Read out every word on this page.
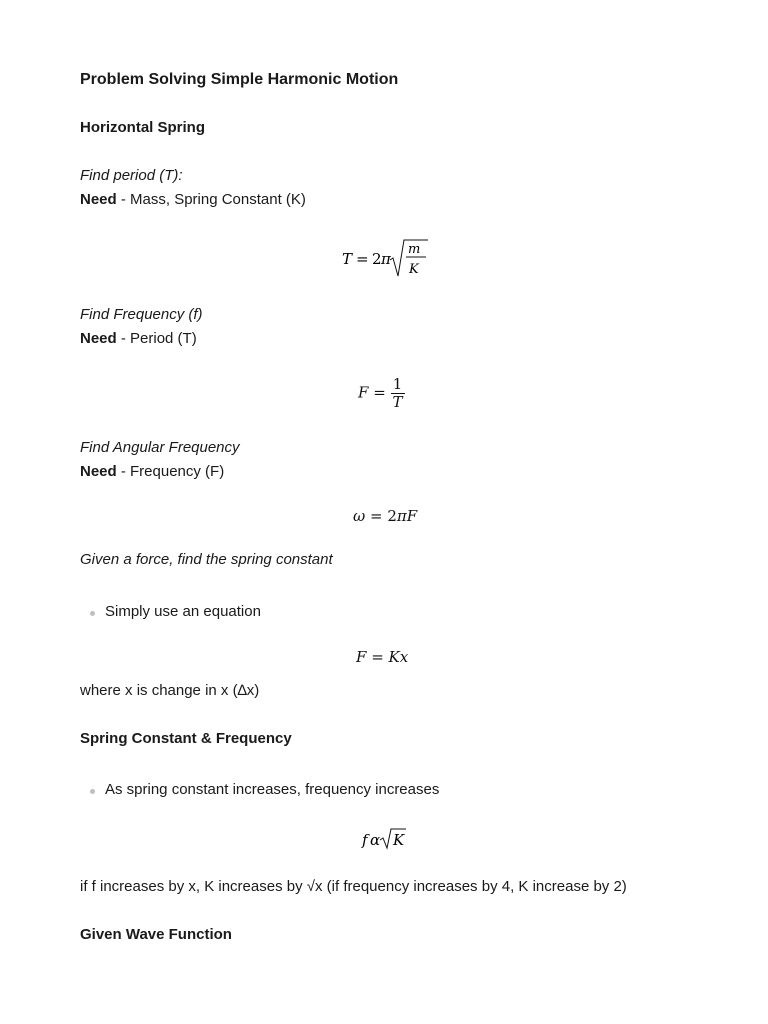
Problem Solving Simple Harmonic Motion
Horizontal Spring
Find period (T):
Need - Mass, Spring Constant (K)
T = 2 π
m
K
Find Frequency (f)
Need - Period (T)
$F = \frac{1}{T}$
Find Angular Frequency
Need - Frequency (F)
ω = 2πF
Given a force, find the spring constant
Simply use an equation
F = Kx
where x is change in x (∆x)
Spring Constant & Frequency
As spring constant increases, frequency increases
f α K
if f increases by x, K increases by √x (if frequency increases by 4, K increase by 2)
Given Wave Function
